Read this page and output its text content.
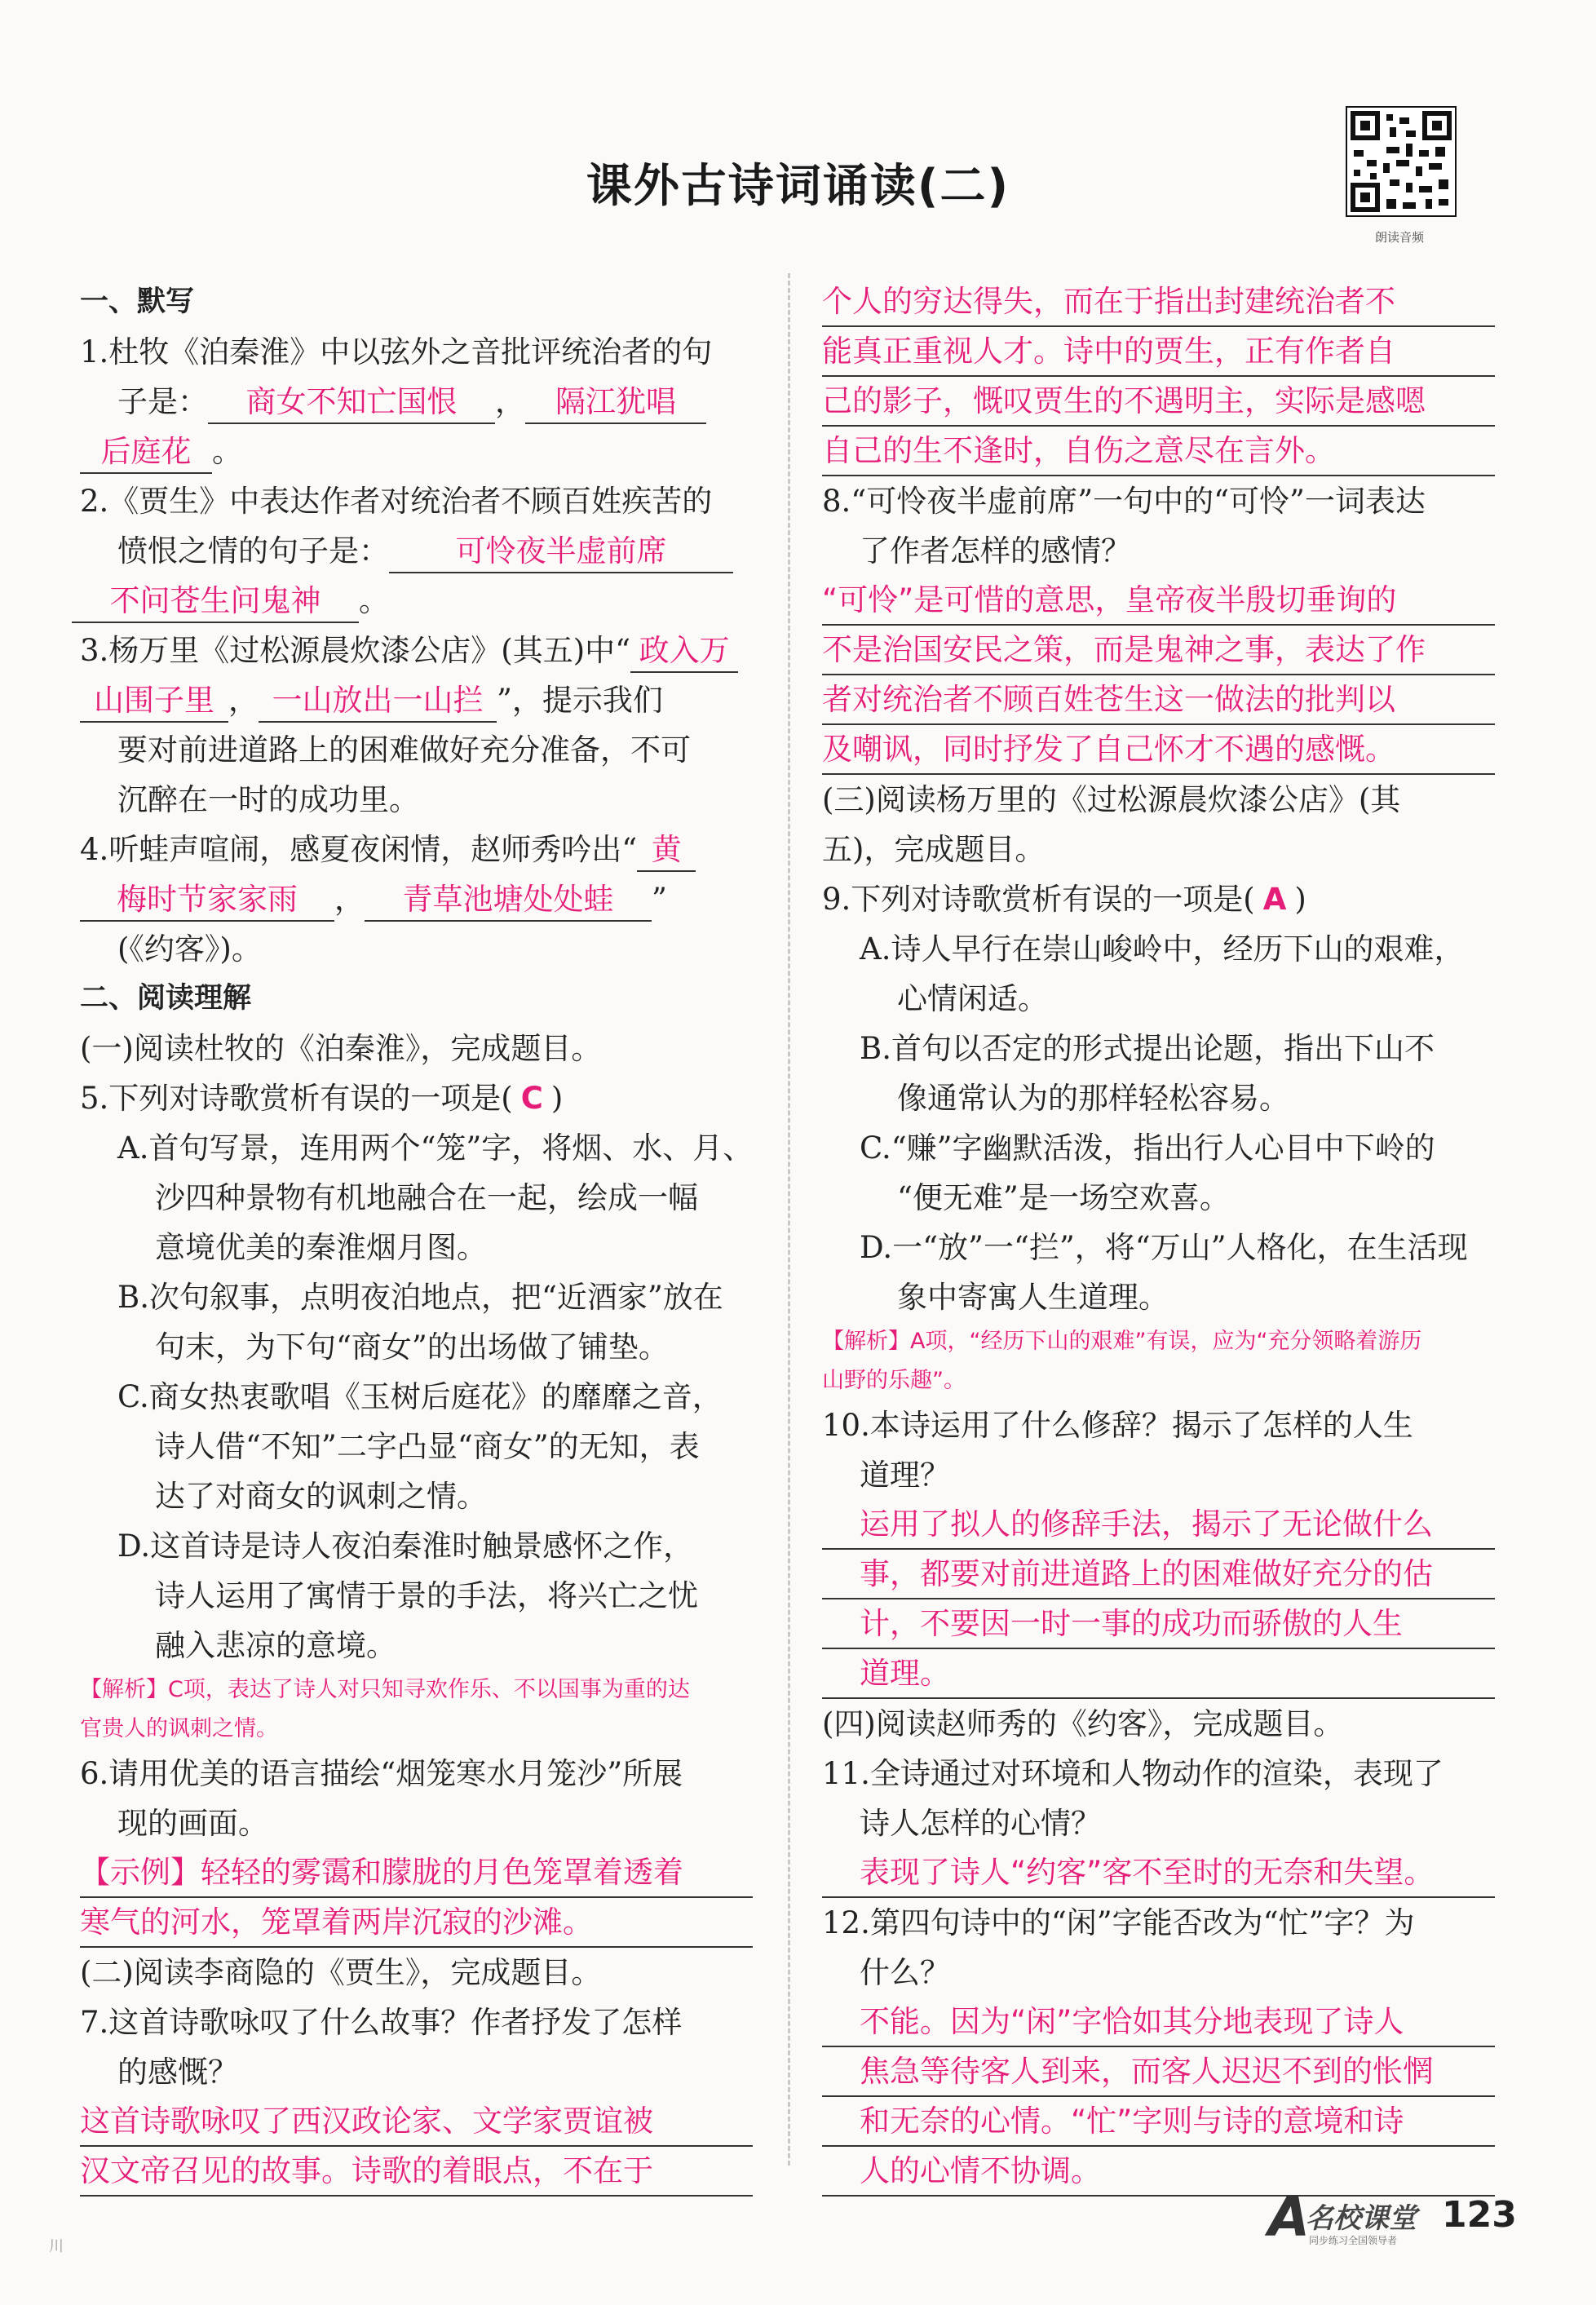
课外古诗词诵读(二)
朗读音频
一、默写
1.杜牧《泊秦淮》中以弦外之音批评统治者的句
子是： 商女不知亡国恨 ， 隔江犹唱
后庭花 。
2.《贾生》中表达作者对统治者不顾百姓疾苦的
愤恨之情的句子是： 可怜夜半虚前席
不问苍生问鬼神 。
3.杨万里《过松源晨炊漆公店》(其五)中“ 政入万
山围子里 ， 一山放出一山拦 ”，提示我们
要对前进道路上的困难做好充分准备，不可
沉醉在一时的成功里。
4.听蛙声喧闹，感夏夜闲情，赵师秀吟出“ 黄
梅时节家家雨 ， 青草池塘处处蛙 ”
(《约客》)。
二、阅读理解
(一)阅读杜牧的《泊秦淮》，完成题目。
5.下列对诗歌赏析有误的一项是( C )
A.首句写景，连用两个“笼”字，将烟、水、月、
沙四种景物有机地融合在一起，绘成一幅
意境优美的秦淮烟月图。
B.次句叙事，点明夜泊地点，把“近酒家”放在
句末，为下句“商女”的出场做了铺垫。
C.商女热衷歌唱《玉树后庭花》的靡靡之音，
诗人借“不知”二字凸显“商女”的无知，表
达了对商女的讽刺之情。
D.这首诗是诗人夜泊秦淮时触景感怀之作，
诗人运用了寓情于景的手法，将兴亡之忧
融入悲凉的意境。
【解析】C项，表达了诗人对只知寻欢作乐、不以国事为重的达
官贵人的讽刺之情。
6.请用优美的语言描绘“烟笼寒水月笼沙”所展
现的画面。
【示例】轻轻的雾霭和朦胧的月色笼罩着透着
寒气的河水，笼罩着两岸沉寂的沙滩。
(二)阅读李商隐的《贾生》，完成题目。
7.这首诗歌咏叹了什么故事？作者抒发了怎样
的感慨？
这首诗歌咏叹了西汉政论家、文学家贾谊被
汉文帝召见的故事。诗歌的着眼点，不在于
个人的穷达得失，而在于指出封建统治者不
能真正重视人才。诗中的贾生，正有作者自
己的影子，慨叹贾生的不遇明主，实际是感嗯
自己的生不逢时，自伤之意尽在言外。
8.“可怜夜半虚前席”一句中的“可怜”一词表达
了作者怎样的感情？
“可怜”是可惜的意思，皇帝夜半殷切垂询的
不是治国安民之策，而是鬼神之事，表达了作
者对统治者不顾百姓苍生这一做法的批判以
及嘲讽，同时抒发了自己怀才不遇的感慨。
(三)阅读杨万里的《过松源晨炊漆公店》(其
五)，完成题目。
9.下列对诗歌赏析有误的一项是( A )
A.诗人早行在崇山峻岭中，经历下山的艰难，
心情闲适。
B.首句以否定的形式提出论题，指出下山不
像通常认为的那样轻松容易。
C.“赚”字幽默活泼，指出行人心目中下岭的
“便无难”是一场空欢喜。
D.一“放”一“拦”，将“万山”人格化，在生活现
象中寄寓人生道理。
【解析】A项，“经历下山的艰难”有误，应为“充分领略着游历
山野的乐趣”。
10.本诗运用了什么修辞？揭示了怎样的人生
道理？
运用了拟人的修辞手法，揭示了无论做什么
事，都要对前进道路上的困难做好充分的估
计，不要因一时一事的成功而骄傲的人生
道理。
(四)阅读赵师秀的《约客》，完成题目。
11.全诗通过对环境和人物动作的渲染，表现了
诗人怎样的心情？
表现了诗人“约客”客不至时的无奈和失望。
12.第四句诗中的“闲”字能否改为“忙”字？为
什么？
不能。因为“闲”字恰如其分地表现了诗人
焦急等待客人到来，而客人迟迟不到的怅惘
和无奈的心情。“忙”字则与诗的意境和诗
人的心情不协调。
川	A
名校课堂
同步练习全国领导者
123
